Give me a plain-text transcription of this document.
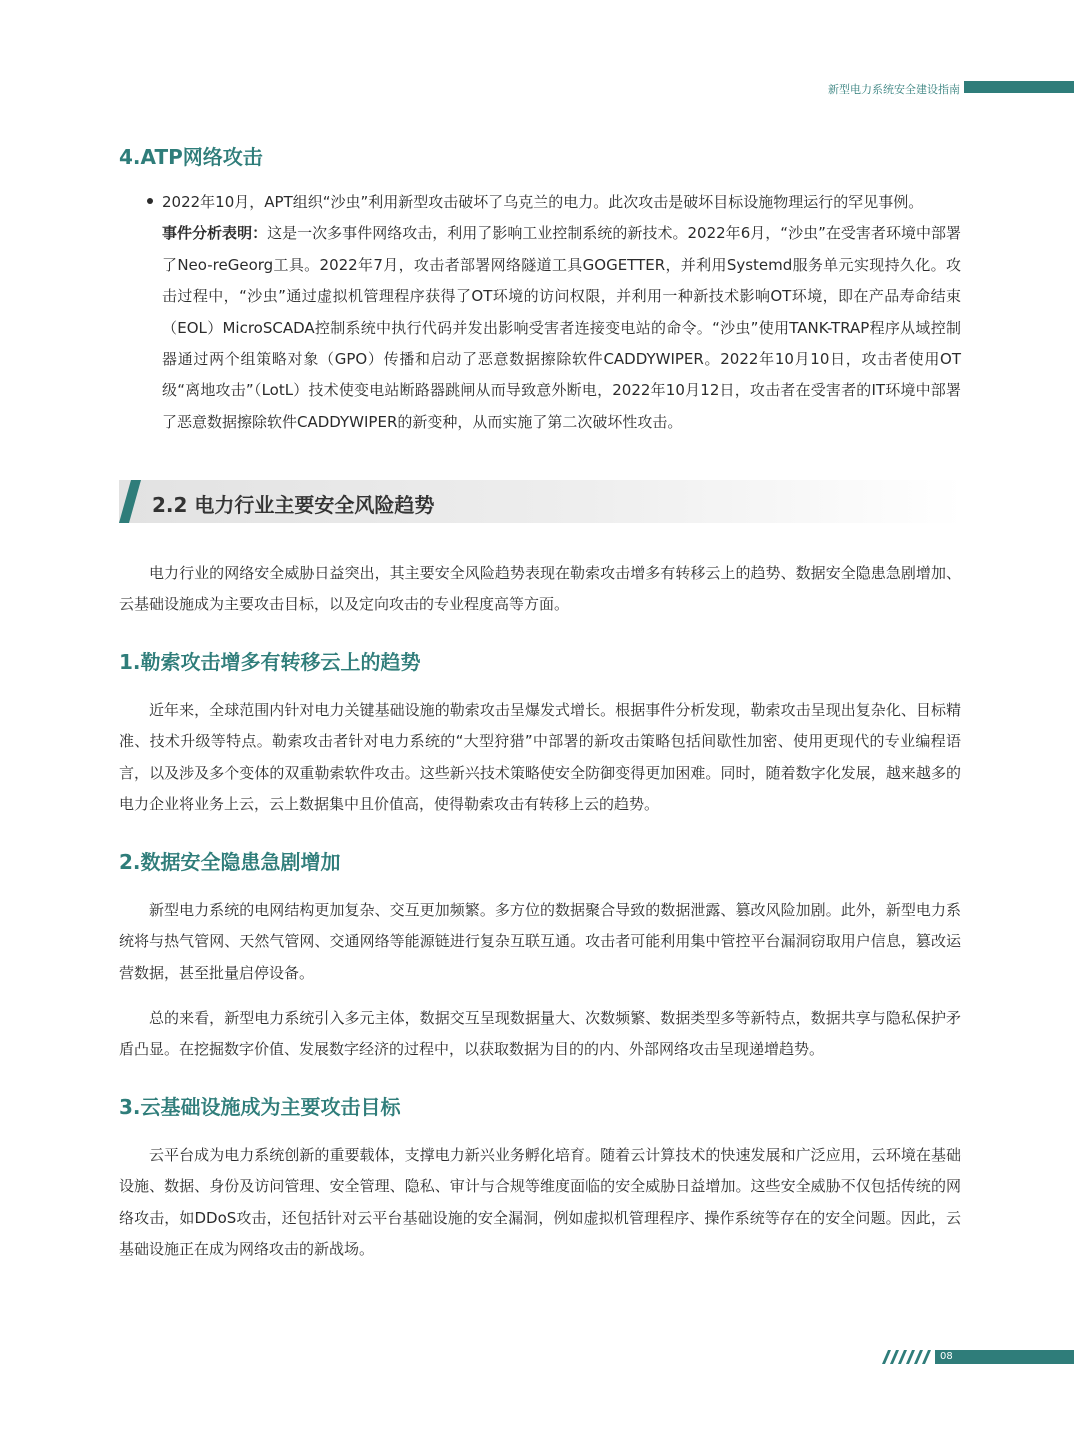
新型电力系统安全建设指南
4.ATP网络攻击

2022年10月，APT组织“沙虫”利用新型攻击破坏了乌克兰的电力。此次攻击是破坏目标设施物理运行的罕见事例。
事件分析表明：这是一次多事件网络攻击，利用了影响工业控制系统的新技术。2022年6月，“沙虫”在受害者环境中部署了Neo-reGeorg工具。2022年7月，攻击者部署网络隧道工具GOGETTER，并利用Systemd服务单元实现持久化。攻击过程中，“沙虫”通过虚拟机管理程序获得了OT环境的访问权限，并利用一种新技术影响OT环境，即在产品寿命结束（EOL）MicroSCADA控制系统中执行代码并发出影响受害者连接变电站的命令。“沙虫”使用TANK-TRAP程序从域控制器通过两个组策略对象（GPO）传播和启动了恶意数据擦除软件CADDYWIPER。2022年10月10日，攻击者使用OT级“离地攻击”（LotL）技术使变电站断路器跳闸从而导致意外断电，2022年10月12日，攻击者在受害者的IT环境中部署了恶意数据擦除软件CADDYWIPER的新变种，从而实施了第二次破坏性攻击。

2.2 电力行业主要安全风险趋势

电力行业的网络安全威胁日益突出，其主要安全风险趋势表现在勒索攻击增多有转移云上的趋势、数据安全隐患急剧增加、云基础设施成为主要攻击目标，以及定向攻击的专业程度高等方面。

1.勒索攻击增多有转移云上的趋势

近年来，全球范围内针对电力关键基础设施的勒索攻击呈爆发式增长。根据事件分析发现，勒索攻击呈现出复杂化、目标精准、技术升级等特点。勒索攻击者针对电力系统的“大型狩猎”中部署的新攻击策略包括间歇性加密、使用更现代的专业编程语言，以及涉及多个变体的双重勒索软件攻击。这些新兴技术策略使安全防御变得更加困难。同时，随着数字化发展，越来越多的电力企业将业务上云，云上数据集中且价值高，使得勒索攻击有转移上云的趋势。

2.数据安全隐患急剧增加

新型电力系统的电网结构更加复杂、交互更加频繁。多方位的数据聚合导致的数据泄露、篡改风险加剧。此外，新型电力系统将与热气管网、天然气管网、交通网络等能源链进行复杂互联互通。攻击者可能利用集中管控平台漏洞窃取用户信息，篡改运营数据，甚至批量启停设备。

总的来看，新型电力系统引入多元主体，数据交互呈现数据量大、次数频繁、数据类型多等新特点，数据共享与隐私保护矛盾凸显。在挖掘数字价值、发展数字经济的过程中，以获取数据为目的的内、外部网络攻击呈现递增趋势。

3.云基础设施成为主要攻击目标

云平台成为电力系统创新的重要载体，支撑电力新兴业务孵化培育。随着云计算技术的快速发展和广泛应用，云环境在基础设施、数据、身份及访问管理、安全管理、隐私、审计与合规等维度面临的安全威胁日益增加。这些安全威胁不仅包括传统的网络攻击，如DDoS攻击，还包括针对云平台基础设施的安全漏洞，例如虚拟机管理程序、操作系统等存在的安全问题。因此，云基础设施正在成为网络攻击的新战场。

08
